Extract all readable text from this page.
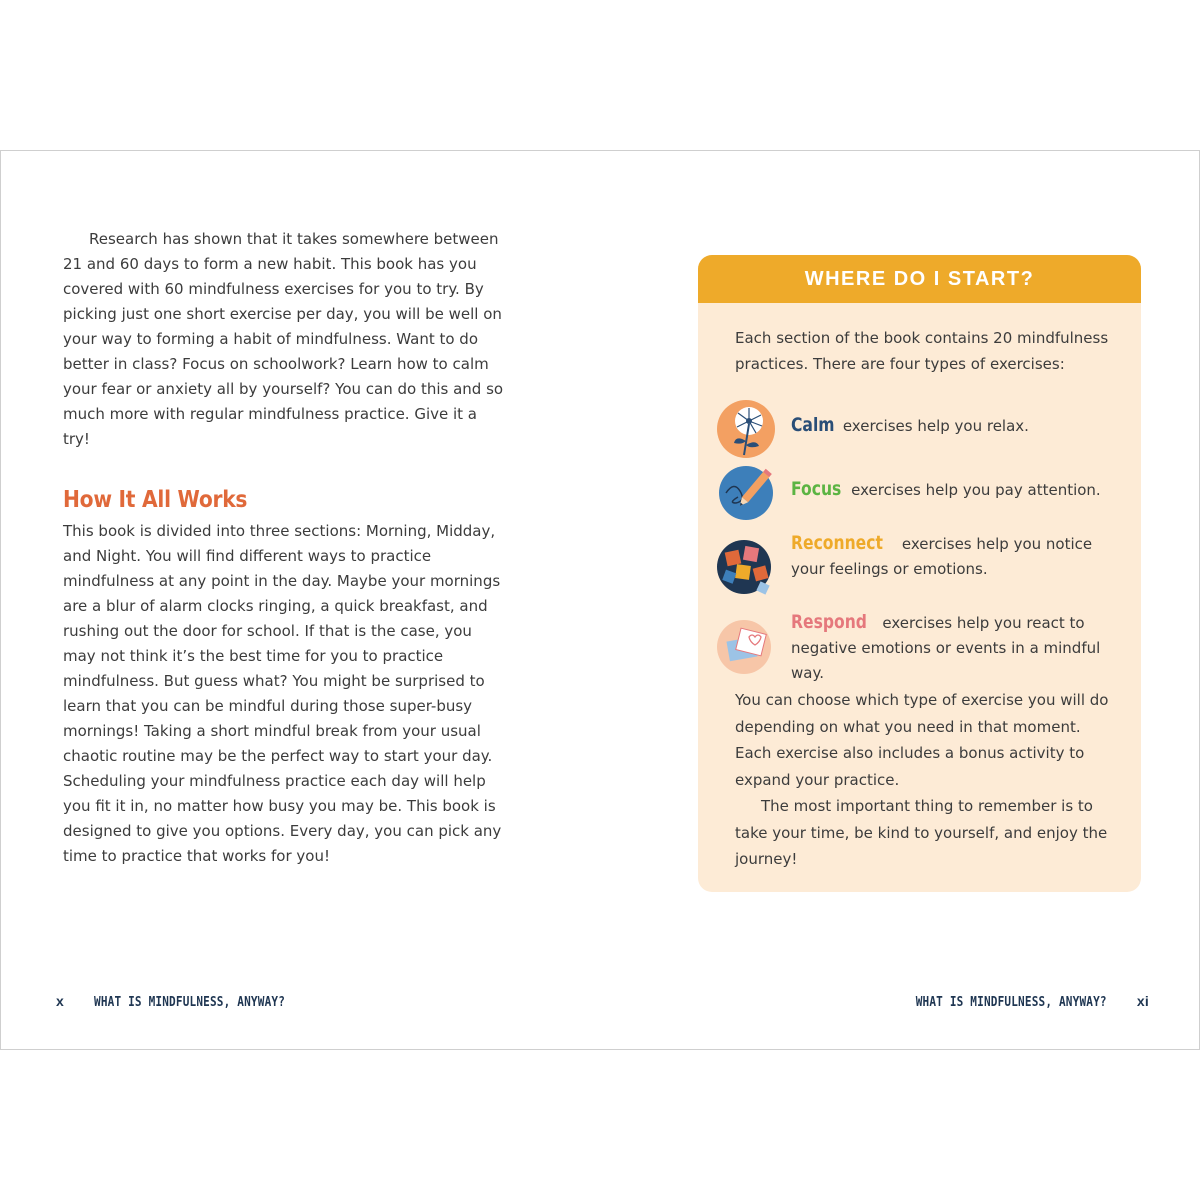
Research has shown that it takes somewhere between 21 and 60 days to form a new habit. This book has you covered with 60 mindfulness exercises for you to try. By picking just one short exercise per day, you will be well on your way to forming a habit of mindfulness. Want to do better in class? Focus on schoolwork? Learn how to calm your fear or anxiety all by yourself? You can do this and so much more with regular mindfulness practice. Give it a try!

How It All Works

This book is divided into three sections: Morning, Midday, and Night. You will find different ways to practice mindfulness at any point in the day. Maybe your mornings are a blur of alarm clocks ringing, a quick breakfast, and rushing out the door for school. If that is the case, you may not think it’s the best time for you to practice mindfulness. But guess what? You might be surprised to learn that you can be mindful during those super-busy mornings! Taking a short mindful break from your usual chaotic routine may be the perfect way to start your day. Scheduling your mindfulness practice each day will help you fit it in, no matter how busy you may be. This book is designed to give you options. Every day, you can pick any time to practice that works for you!

WHERE DO I START?

Each section of the book contains 20 mindfulness practices. There are four types of exercises:

Calm exercises help you relax.
Focus exercises help you pay attention.
Reconnect exercises help you notice your feelings or emotions.
Respond exercises help you react to negative emotions or events in a mindful way.

You can choose which type of exercise you will do depending on what you need in that moment. Each exercise also includes a bonus activity to expand your practice.

The most important thing to remember is to take your time, be kind to yourself, and enjoy the journey!

x WHAT IS MINDFULNESS, ANYWAY?	WHAT IS MINDFULNESS, ANYWAY? xi
